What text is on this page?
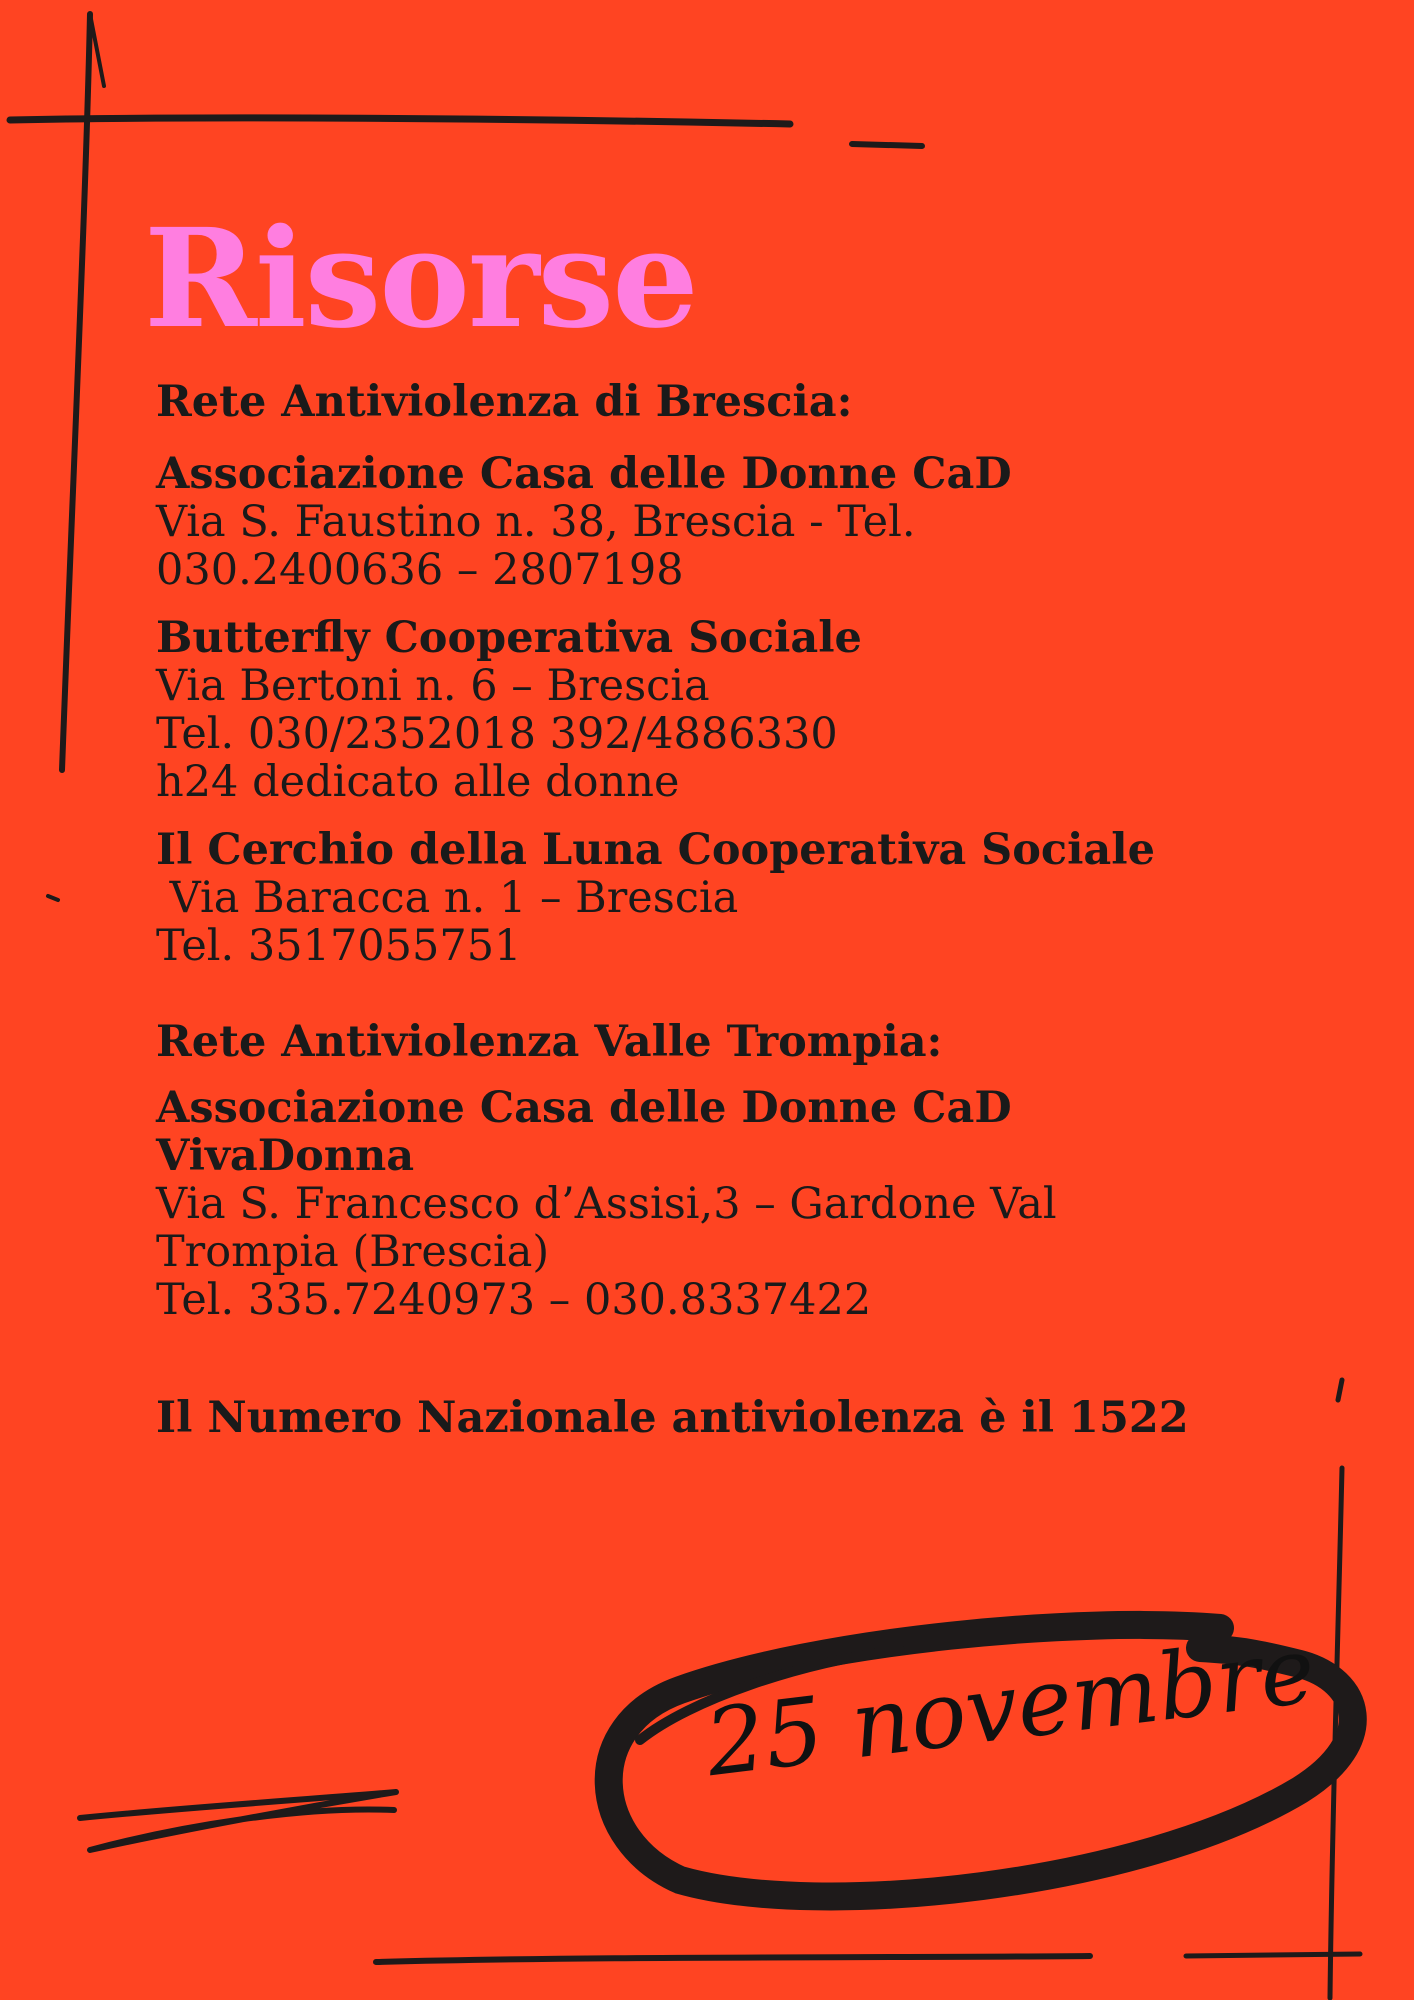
Risorse

Rete Antiviolenza di Brescia:

Associazione Casa delle Donne CaD

Via S. Faustino n. 38, Brescia - Tel.

030.2400636 – 2807198

Butterfly Cooperativa Sociale

Via Bertoni n. 6 – Brescia

Tel. 030/2352018 392/4886330

h24 dedicato alle donne

Il Cerchio della Luna Cooperativa Sociale

Via Baracca n. 1 – Brescia

Tel. 3517055751

Rete Antiviolenza Valle Trompia:

Associazione Casa delle Donne CaD

VivaDonna

Via S. Francesco d’Assisi,3 – Gardone Val

Trompia (Brescia)

Tel. 335.7240973 – 030.8337422

Il Numero Nazionale antiviolenza è il 1522

25 novembre
